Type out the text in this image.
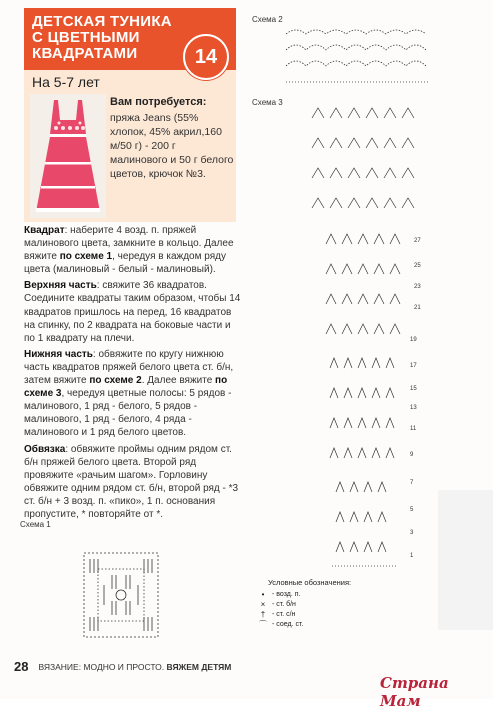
ДЕТСКАЯ ТУНИКА
С ЦВЕТНЫМИ
КВАДРАТАМИ
На 5-7 лет
Вам потребуется:
пряжа Jeans (55% хлопок, 45% акрил,160 м/50 г) - 200 г малинового и 50 г белого цветов, крючок №3.
14

Квадрат: наберите 4 возд. п. пряжей малинового цвета, замкните в кольцо. Далее вяжите по схеме 1, чередуя в каждом ряду цвета (малиновый - белый - малиновый).

Верхняя часть: свяжите 36 квадратов. Соедините квадраты таким образом, чтобы 14 квадратов пришлось на перед, 16 квадратов на спинку, по 2 квадрата на боковые части и по 1 квадрату на плечи.

Нижняя часть: обвяжите по кругу нижнюю часть квадратов пряжей белого цвета ст. б/н, затем вяжите по схеме 2. Далее вяжите по схеме 3, чередуя цветные полосы: 5 рядов - малинового, 1 ряд - белого, 5 рядов - малинового, 1 ряд - белого, 4 ряда - малинового и 1 ряд белого цветов.

Обвязка: обвяжите проймы одним рядом ст. б/н пряжей белого цвета. Второй ряд провяжите «рачьим шагом». Горловину обвяжите одним рядом ст. б/н, второй ряд - *3 ст. б/н + 3 возд. п. «пико», 1 п. основания пропустите, * повторяйте от *.

Схема 1
Схема 2
Схема 3
27
25
23
21
19
17
15
13
11
9
7
5
3
1
Условные обозначения:
•	- возд. п.
× - ст. б/н
† - ст. с/н
⌒ - соед. ст.
28 ВЯЗАНИЕ: МОДНО И ПРОСТО. ВЯЖЕМ ДЕТЯМ
Страна Мам
